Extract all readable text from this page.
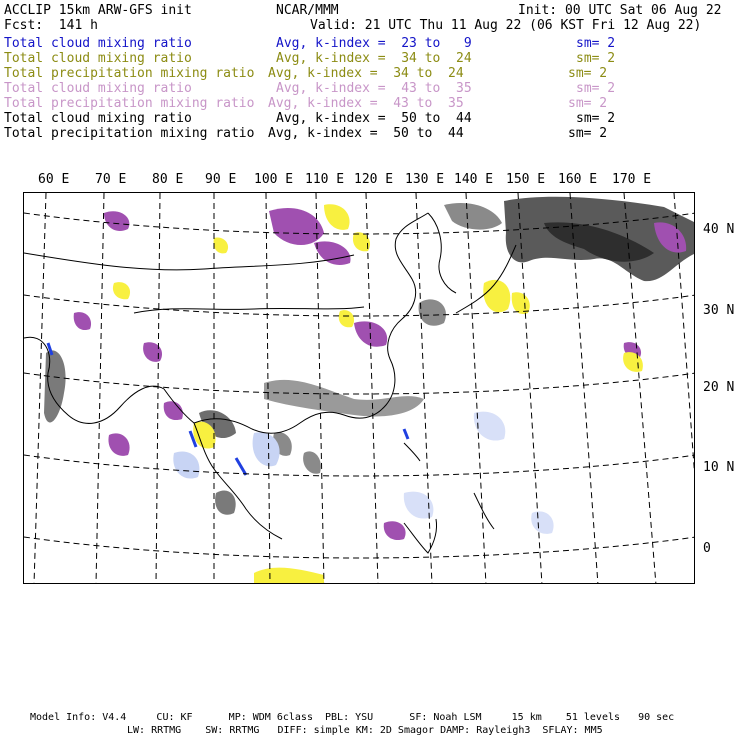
ACCLIP 15km ARW-GFS init	NCAR/MMM	Init: 00 UTC Sat 06 Aug 22
Fcst:  141 h	Valid: 21 UTC Thu 11 Aug 22 (06 KST Fri 12 Aug 22)
Total cloud mixing ratio	Avg, k-index =  23 to   9	sm= 2
Total cloud mixing ratio	Avg, k-index =  34 to  24	sm= 2
Total precipitation mixing ratio Avg, k-index =  34 to  24	sm= 2
Total cloud mixing ratio	Avg, k-index =  43 to  35	sm= 2
Total precipitation mixing ratio Avg, k-index =  43 to  35	sm= 2
Total cloud mixing ratio	Avg, k-index =  50 to  44	sm= 2
Total precipitation mixing ratio Avg, k-index =  50 to  44	sm= 2
60 E 70 E 80 E 90 E 100 E 110 E 120 E 130 E 140 E 150 E 160 E 170 E
40 N
30 N
20 N
10 N
0
Model Info: V4.4     CU: KF      MP: WDM 6class  PBL: YSU      SF: Noah LSM     15 km    51 levels   90 sec
LW: RRTMG    SW: RRTMG   DIFF: simple KM: 2D Smagor DAMP: Rayleigh3  SFLAY: MM5
